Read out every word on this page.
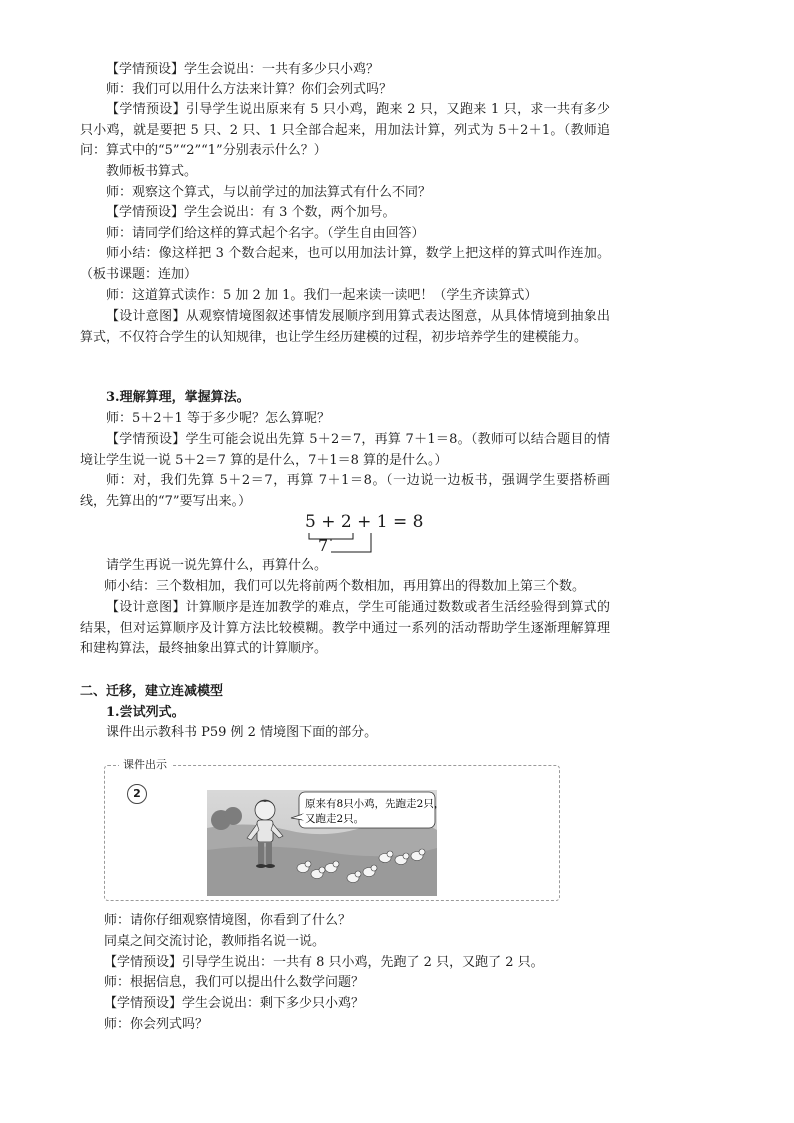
【学情预设】学生会说出：一共有多少只小鸡？

师：我们可以用什么方法来计算？你们会列式吗？

【学情预设】引导学生说出原来有 5 只小鸡，跑来 2 只，又跑来 1 只，求一共有多少只小鸡，就是要把 5 只、2 只、1 只全部合起来，用加法计算，列式为 5＋2＋1。（教师追问：算式中的“5”“2”“1”分别表示什么？）

教师板书算式。

师：观察这个算式，与以前学过的加法算式有什么不同？

【学情预设】学生会说出：有 3 个数，两个加号。

师：请同学们给这样的算式起个名字。（学生自由回答）

师小结：像这样把 3 个数合起来，也可以用加法计算，数学上把这样的算式叫作连加。（板书课题：连加）

师：这道算式读作：5 加 2 加 1。我们一起来读一读吧！（学生齐读算式）

【设计意图】从观察情境图叙述事情发展顺序到用算式表达图意，从具体情境到抽象出算式，不仅符合学生的认知规律，也让学生经历建模的过程，初步培养学生的建模能力。

3.理解算理，掌握算法。

师：5＋2＋1 等于多少呢？怎么算呢？

【学情预设】学生可能会说出先算 5＋2＝7，再算 7＋1＝8。（教师可以结合题目的情境让学生说一说 5＋2＝7 算的是什么，7＋1＝8 算的是什么。）

师：对，我们先算 5＋2＝7，再算 7＋1＝8。（一边说一边板书，强调学生要搭桥画线，先算出的“7”要写出来。）

5 + 2 + 1 = 8
7

请学生再说一说先算什么，再算什么。

师小结：三个数相加，我们可以先将前两个数相加，再用算出的得数加上第三个数。

【设计意图】计算顺序是连加教学的难点，学生可能通过数数或者生活经验得到算式的结果，但对运算顺序及计算方法比较模糊。教学中通过一系列的活动帮助学生逐渐理解算理和建构算法，最终抽象出算式的计算顺序。

二、迁移，建立连减模型

1.尝试列式。

课件出示教科书 P59 例 2 情境图下面的部分。

课件出示
2
原来有8只小鸡，先跑走2只，
又跑走2只。

师：请你仔细观察情境图，你看到了什么？

同桌之间交流讨论，教师指名说一说。

【学情预设】引导学生说出：一共有 8 只小鸡，先跑了 2 只，又跑了 2 只。

师：根据信息，我们可以提出什么数学问题？

【学情预设】学生会说出：剩下多少只小鸡？

师：你会列式吗？
